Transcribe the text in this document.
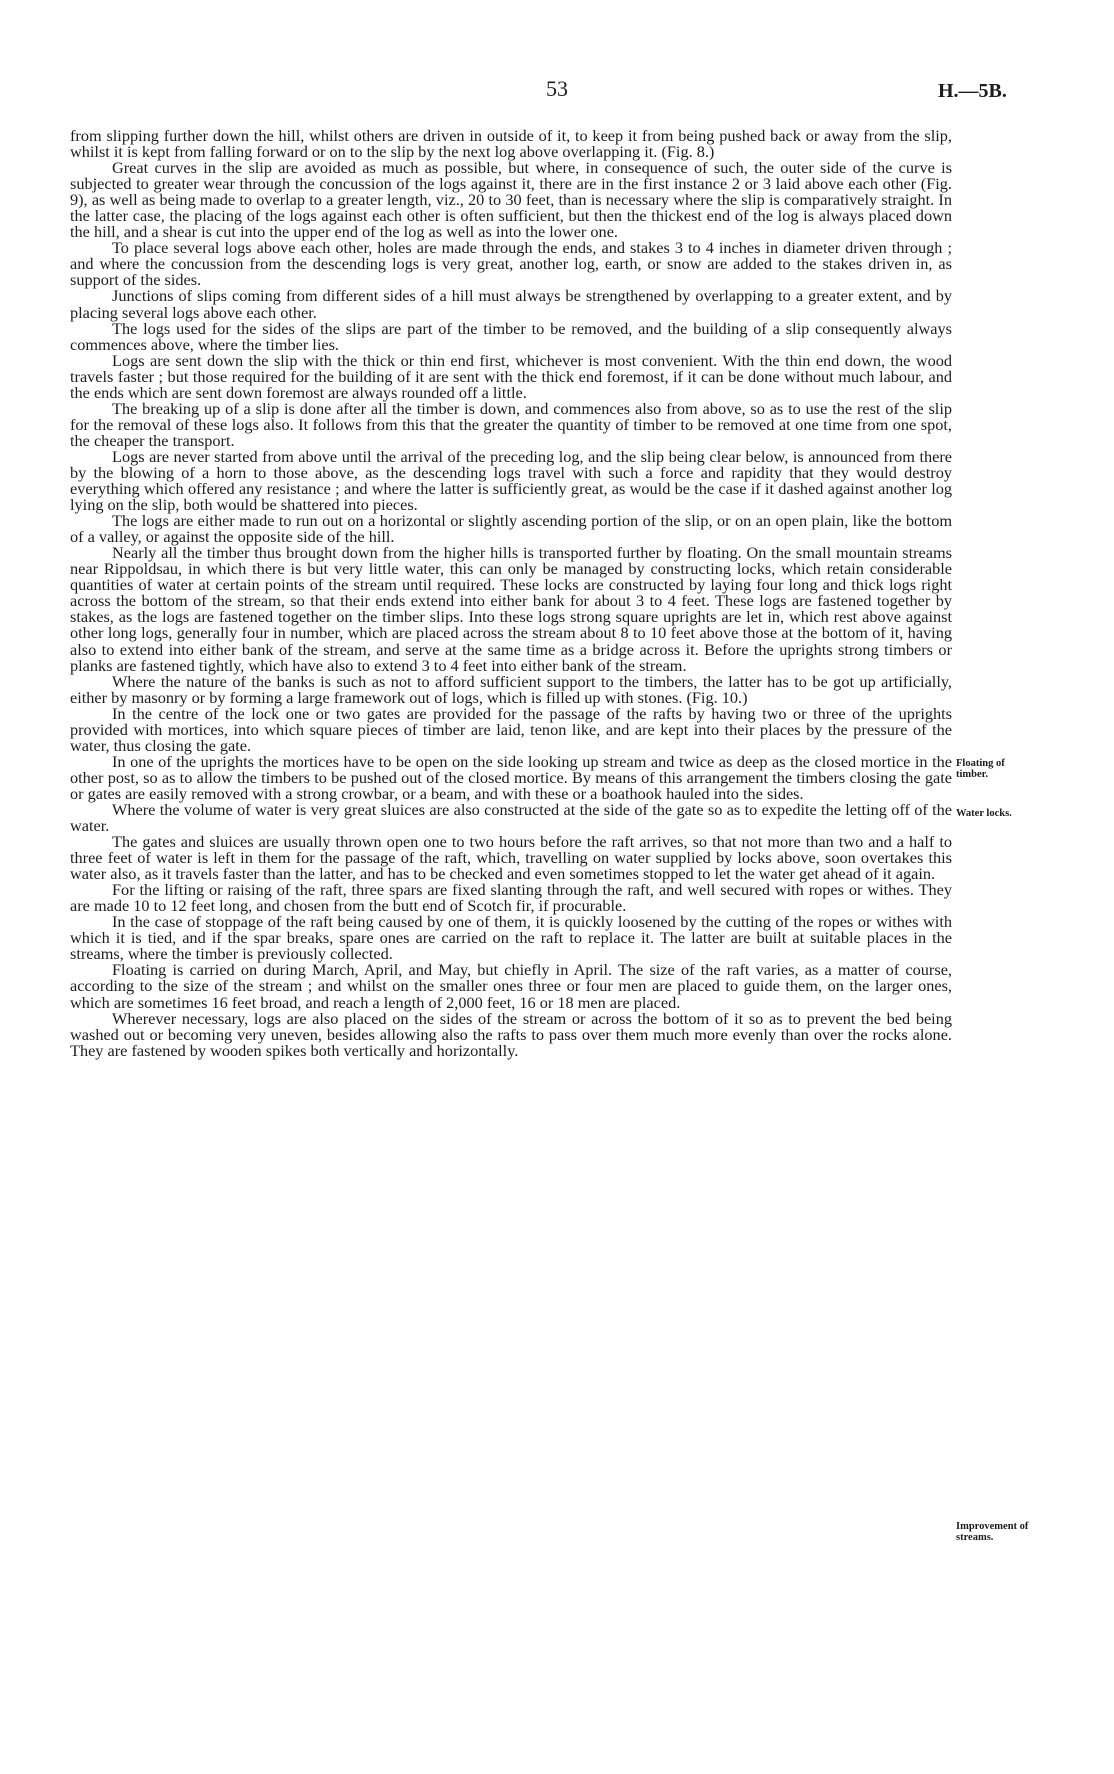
53	H.—5B.

from slipping further down the hill, whilst others are driven in outside of it, to keep it from being pushed back or away from the slip, whilst it is kept from falling forward or on to the slip by the next log above overlapping it. (Fig. 8.)

Great curves in the slip are avoided as much as possible, but where, in consequence of such, the outer side of the curve is subjected to greater wear through the concussion of the logs against it, there are in the first instance 2 or 3 laid above each other (Fig. 9), as well as being made to overlap to a greater length, viz., 20 to 30 feet, than is necessary where the slip is comparatively straight. In the latter case, the placing of the logs against each other is often sufficient, but then the thickest end of the log is always placed down the hill, and a shear is cut into the upper end of the log as well as into the lower one.

To place several logs above each other, holes are made through the ends, and stakes 3 to 4 inches in diameter driven through ; and where the concussion from the descending logs is very great, another log, earth, or snow are added to the stakes driven in, as support of the sides.

Junctions of slips coming from different sides of a hill must always be strengthened by overlapping to a greater extent, and by placing several logs above each other.

The logs used for the sides of the slips are part of the timber to be removed, and the building of a slip consequently always commences above, where the timber lies.

Logs are sent down the slip with the thick or thin end first, whichever is most convenient. With the thin end down, the wood travels faster ; but those required for the building of it are sent with the thick end foremost, if it can be done without much labour, and the ends which are sent down foremost are always rounded off a little.

The breaking up of a slip is done after all the timber is down, and commences also from above, so as to use the rest of the slip for the removal of these logs also. It follows from this that the greater the quantity of timber to be removed at one time from one spot, the cheaper the transport.

Logs are never started from above until the arrival of the preceding log, and the slip being clear below, is announced from there by the blowing of a horn to those above, as the descending logs travel with such a force and rapidity that they would destroy everything which offered any resistance ; and where the latter is sufficiently great, as would be the case if it dashed against another log lying on the slip, both would be shattered into pieces.

The logs are either made to run out on a horizontal or slightly ascending portion of the slip, or on an open plain, like the bottom of a valley, or against the opposite side of the hill.

Nearly all the timber thus brought down from the higher hills is transported further by floating. On the small mountain streams near Rippoldsau, in which there is but very little water, this can only be managed by constructing locks, which retain considerable quantities of water at certain points of the stream until required. These locks are constructed by laying four long and thick logs right across the bottom of the stream, so that their ends extend into either bank for about 3 to 4 feet. These logs are fastened together by stakes, as the logs are fastened together on the timber slips. Into these logs strong square uprights are let in, which rest above against other long logs, generally four in number, which are placed across the stream about 8 to 10 feet above those at the bottom of it, having also to extend into either bank of the stream, and serve at the same time as a bridge across it. Before the uprights strong timbers or planks are fastened tightly, which have also to extend 3 to 4 feet into either bank of the stream.

Where the nature of the banks is such as not to afford sufficient support to the timbers, the latter has to be got up artificially, either by masonry or by forming a large framework out of logs, which is filled up with stones. (Fig. 10.)

In the centre of the lock one or two gates are provided for the passage of the rafts by having two or three of the uprights provided with mortices, into which square pieces of timber are laid, tenon like, and are kept into their places by the pressure of the water, thus closing the gate.

In one of the uprights the mortices have to be open on the side looking up stream and twice as deep as the closed mortice in the other post, so as to allow the timbers to be pushed out of the closed mortice. By means of this arrangement the timbers closing the gate or gates are easily removed with a strong crowbar, or a beam, and with these or a boathook hauled into the sides.

Where the volume of water is very great sluices are also constructed at the side of the gate so as to expedite the letting off of the water.

The gates and sluices are usually thrown open one to two hours before the raft arrives, so that not more than two and a half to three feet of water is left in them for the passage of the raft, which, travelling on water supplied by locks above, soon overtakes this water also, as it travels faster than the latter, and has to be checked and even sometimes stopped to let the water get ahead of it again.

For the lifting or raising of the raft, three spars are fixed slanting through the raft, and well secured with ropes or withes. They are made 10 to 12 feet long, and chosen from the butt end of Scotch fir, if procurable.

In the case of stoppage of the raft being caused by one of them, it is quickly loosened by the cutting of the ropes or withes with which it is tied, and if the spar breaks, spare ones are carried on the raft to replace it. The latter are built at suitable places in the streams, where the timber is previously collected.

Floating is carried on during March, April, and May, but chiefly in April. The size of the raft varies, as a matter of course, according to the size of the stream ; and whilst on the smaller ones three or four men are placed to guide them, on the larger ones, which are sometimes 16 feet broad, and reach a length of 2,000 feet, 16 or 18 men are placed.

Wherever necessary, logs are also placed on the sides of the stream or across the bottom of it so as to prevent the bed being washed out or becoming very uneven, besides allowing also the rafts to pass over them much more evenly than over the rocks alone. They are fastened by wooden spikes both vertically and horizontally.

Floating of timber.
Water locks.
Improvement of streams.
